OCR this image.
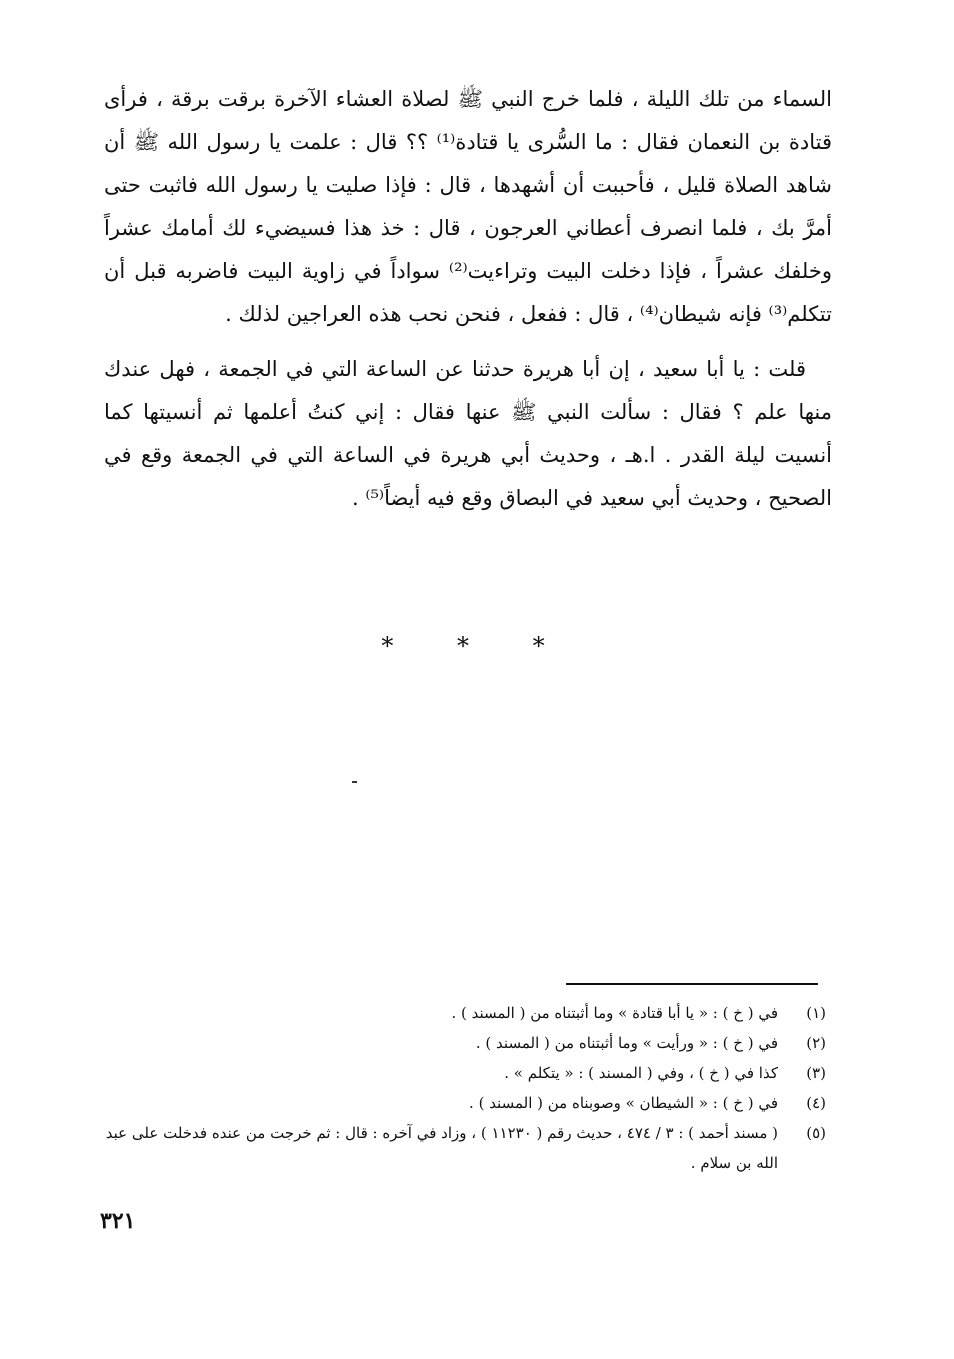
السماء من تلك الليلة ، فلما خرج النبي ﷺ لصلاة العشاء الآخرة برقت برقة ، فرأى قتادة بن النعمان فقال : ما السُّرى يا قتادة⁽¹⁾ ؟؟ قال : علمت يا رسول الله ﷺ أن شاهد الصلاة قليل ، فأحببت أن أشهدها ، قال : فإذا صليت يا رسول الله فاثبت حتى أمرَّ بك ، فلما انصرف أعطاني العرجون ، قال : خذ هذا فسيضيء لك أمامك عشراً وخلفك عشراً ، فإذا دخلت البيت وتراءيت⁽²⁾ سواداً في زاوية البيت فاضربه قبل أن تتكلم⁽³⁾ فإنه شيطان⁽⁴⁾ ، قال : ففعل ، فنحن نحب هذه العراجين لذلك .

قلت : يا أبا سعيد ، إن أبا هريرة حدثنا عن الساعة التي في الجمعة ، فهل عندك منها علم ؟ فقال : سألت النبي ﷺ عنها فقال : إني كنتُ أعلمها ثم أنسيتها كما أنسيت ليلة القدر . ا.هـ ، وحديث أبي هريرة في الساعة التي في الجمعة وقع في الصحيح ، وحديث أبي سعيد في البصاق وقع فيه أيضاً⁽⁵⁾ .

* * *
(١)
في ( خ ) : « يا أبا قتادة » وما أثبتناه من ( المسند ) .
(٢)
في ( خ ) : « ورأيت » وما أثبتناه من ( المسند ) .
(٣)
كذا في ( خ ) ، وفي ( المسند ) : « يتكلم » .
(٤)
في ( خ ) : « الشيطان » وصوبناه من ( المسند ) .
(٥)
( مسند أحمد ) : ٣ / ٤٧٤ ، حديث رقم ( ١١٢٣٠ ) ، وزاد في آخره : قال : ثم خرجت من عنده فدخلت على عبد الله بن سلام .
٣٢١
